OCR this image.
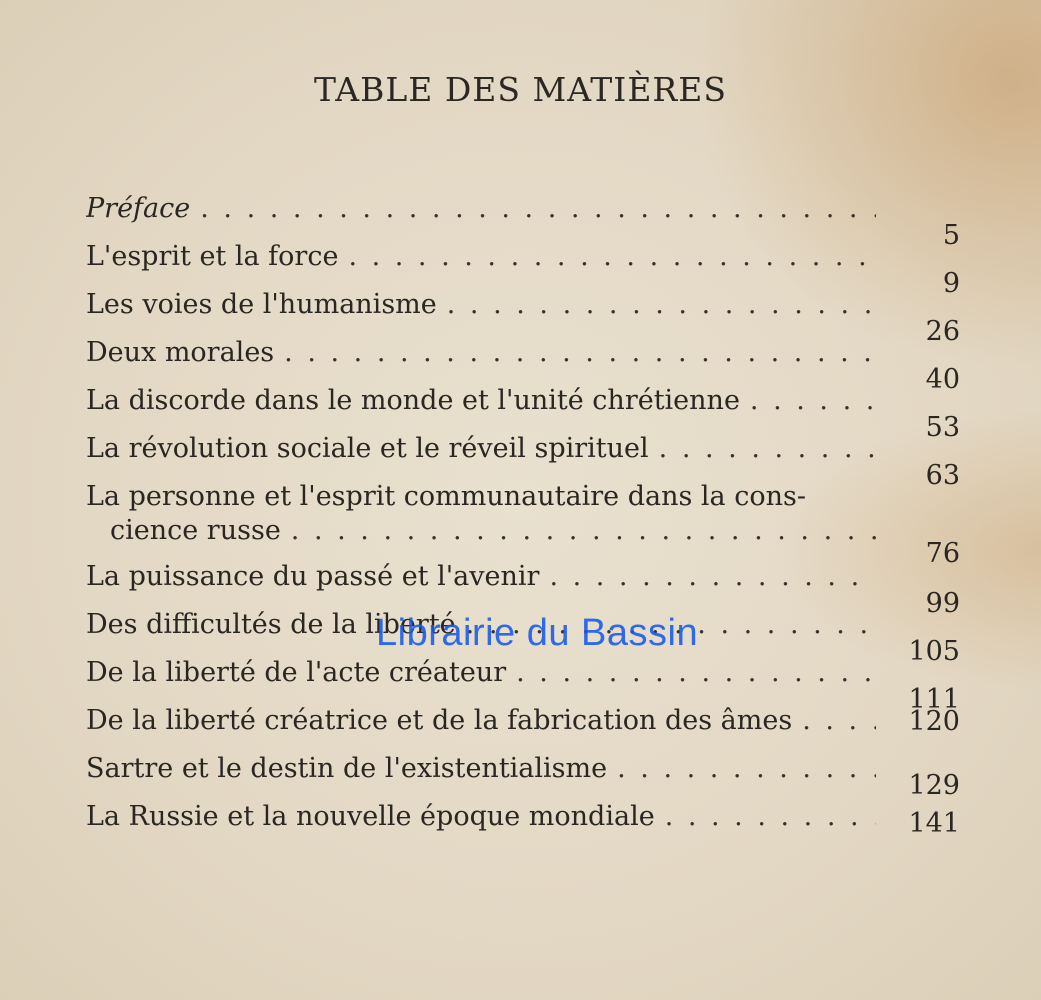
TABLE DES MATIÈRES
Préface
. . .
5
L'esprit et la force
. . .
9
Les voies de l'humanisme
. . .
26
Deux morales
. . .
40
La discorde dans le monde et l'unité chrétienne
. . .
53
La révolution sociale et le réveil spirituel
. . .
63
La personne et l'esprit communautaire dans la cons-
cience russe
. . .
76
La puissance du passé et l'avenir
. . .
99
Des difficultés de la liberté
. . .
105
De la liberté de l'acte créateur
. . .
111
De la liberté créatrice et de la fabrication des âmes . . .	120
Sartre et le destin de l'existentialisme
. . .
129
La Russie et la nouvelle époque mondiale . . .	141
Librairie du Bassin
